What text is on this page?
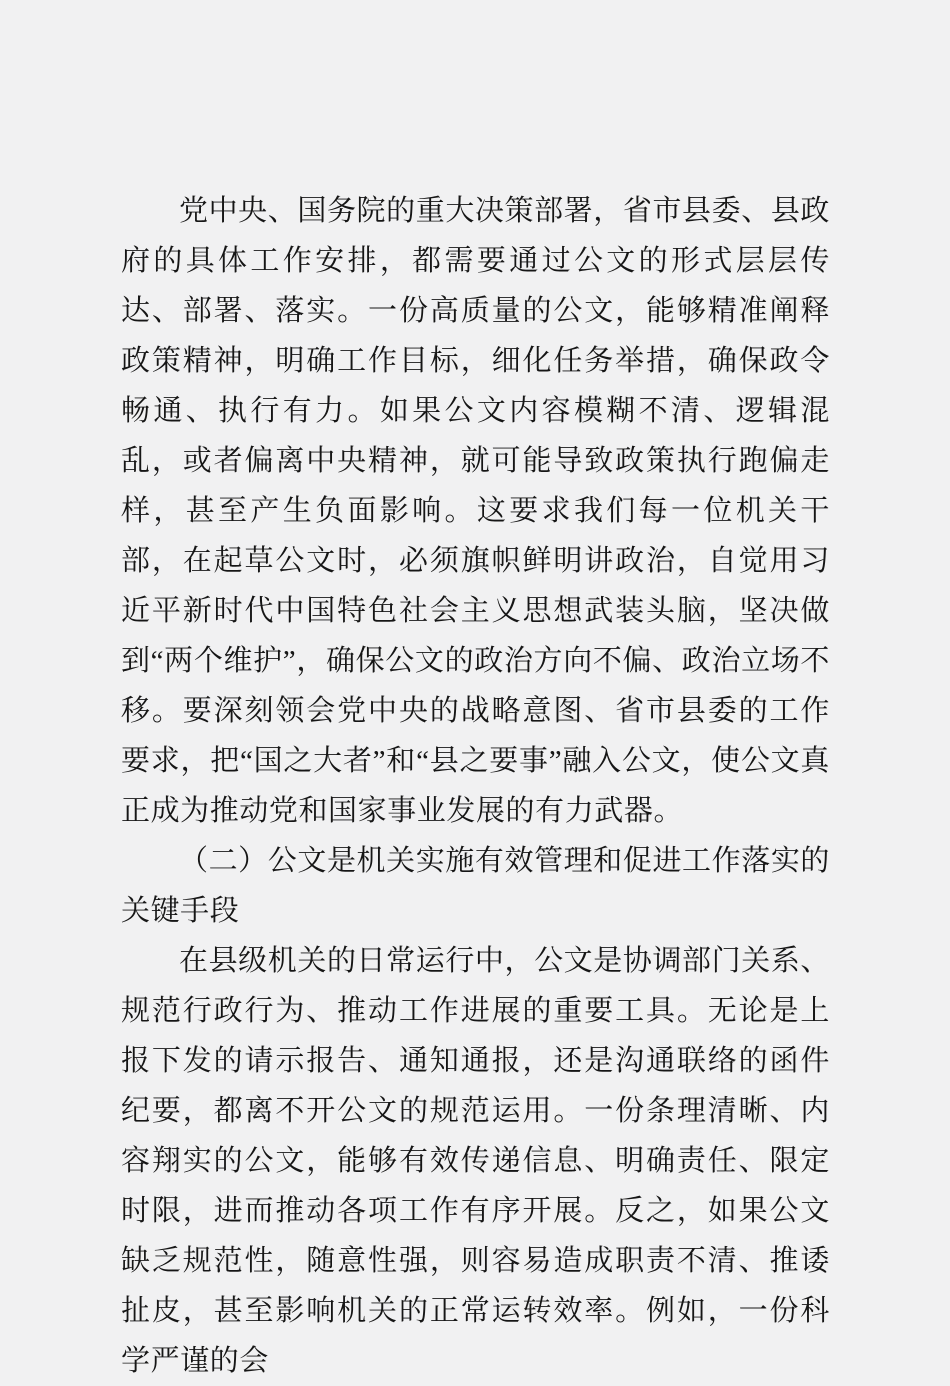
党中央、国务院的重大决策部署，省市县委、县政府的具体工作安排，都需要通过公文的形式层层传达、部署、落实。一份高质量的公文，能够精准阐释政策精神，明确工作目标，细化任务举措，确保政令畅通、执行有力。如果公文内容模糊不清、逻辑混乱，或者偏离中央精神，就可能导致政策执行跑偏走样，甚至产生负面影响。这要求我们每一位机关干部，在起草公文时，必须旗帜鲜明讲政治，自觉用习近平新时代中国特色社会主义思想武装头脑，坚决做到“两个维护”，确保公文的政治方向不偏、政治立场不移。要深刻领会党中央的战略意图、省市县委的工作要求，把“国之大者”和“县之要事”融入公文，使公文真正成为推动党和国家事业发展的有力武器。

（二）公文是机关实施有效管理和促进工作落实的关键手段

在县级机关的日常运行中，公文是协调部门关系、规范行政行为、推动工作进展的重要工具。无论是上报下发的请示报告、通知通报，还是沟通联络的函件纪要，都离不开公文的规范运用。一份条理清晰、内容翔实的公文，能够有效传递信息、明确责任、限定时限，进而推动各项工作有序开展。反之，如果公文缺乏规范性，随意性强，则容易造成职责不清、推诿扯皮，甚至影响机关的正常运转效率。例如，一份科学严谨的会
